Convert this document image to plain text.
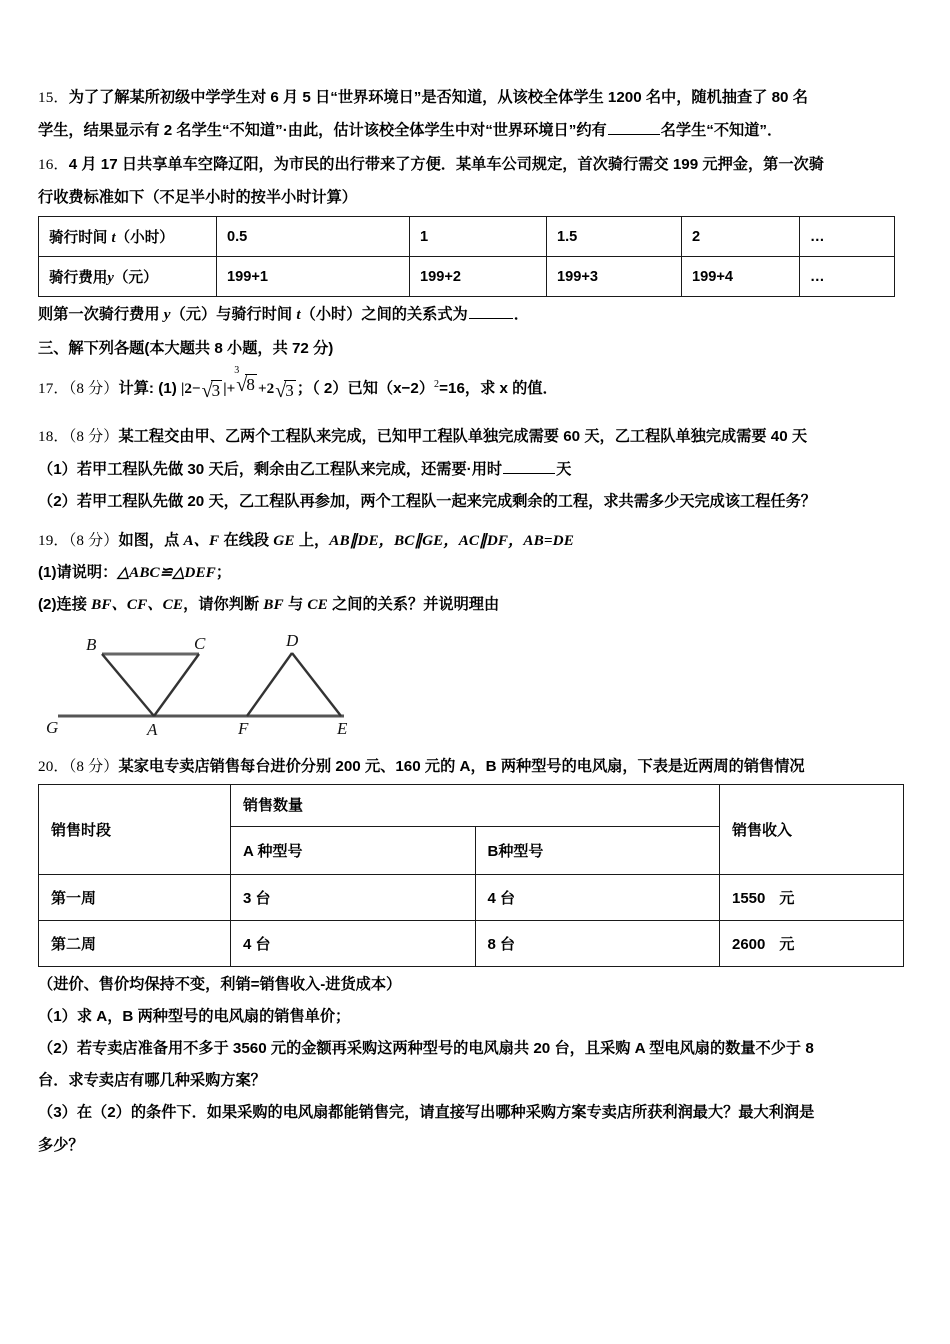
15．为了了解某所初级中学学生对 6 月 5 日“世界环境日”是否知道，从该校全体学生 1200 名中，随机抽查了 80 名
学生，结果显示有 2 名学生“不知道”·由此，估计该校全体学生中对“世界环境日”约有	名学生“不知道”．
16．4 月 17 日共享单车空降辽阳，为市民的出行带来了方便．某单车公司规定，首次骑行需交 199 元押金，第一次骑
行收费标准如下（不足半小时的按半小时计算）
骑行时间 t（小时）	0.5	1	1.5	2	…
骑行费用y（元）	199+1	199+2	199+3	199+4	…
则第一次骑行费用 y（元）与骑行时间 t（小时）之间的关系式为	．
三、解下列各题(本大题共 8 小题，共 72 分)
17．（8 分）计算: (1) |2−√3 |+
3
√8 +2√3 ；（ 2）已知$(x-2)^2=16$，求 x 的值．
18．（8 分）某工程交由甲、乙两个工程队来完成，已知甲工程队单独完成需要 60 天，乙工程队单独完成需要 40 天
（1）若甲工程队先做 30 天后，剩余由乙工程队来完成，还需要·用时	天
（2）若甲工程队先做 20 天，乙工程队再参加，两个工程队一起来完成剩余的工程，求共需多少天完成该工程任务？
19．（8 分）如图，点 A、F 在线段 GE 上，AB∥DE，BC∥GE，AC∥DF，AB=DE
(1)请说明：△ABC≌△DEF；
(2)连接 BF、CF、CE，请你判断 BF 与 CE 之间的关系？并说明理由
G	A	F	E
B	C	D
20．（8 分）某家电专卖店销售每台进价分别 200 元、160 元的 A，B 两种型号的电风扇，下表是近两周的销售情况
销售时段	销售数量		销售收入
	A 种型号	B种型号	
第一周	3 台	4 台	1550 元
第二周	4 台	8 台	2600 元
（进价、售价均保持不变，利销=销售收入-进货成本）
（1）求 A，B 两种型号的电风扇的销售单价；
（2）若专卖店准备用不多于 3560 元的金额再采购这两种型号的电风扇共 20 台，且采购 A 型电风扇的数量不少于 8
台．求专卖店有哪几种采购方案？
（3）在（2）的条件下．如果采购的电风扇都能销售完，请直接写出哪种采购方案专卖店所获利润最大？最大利润是
多少？
